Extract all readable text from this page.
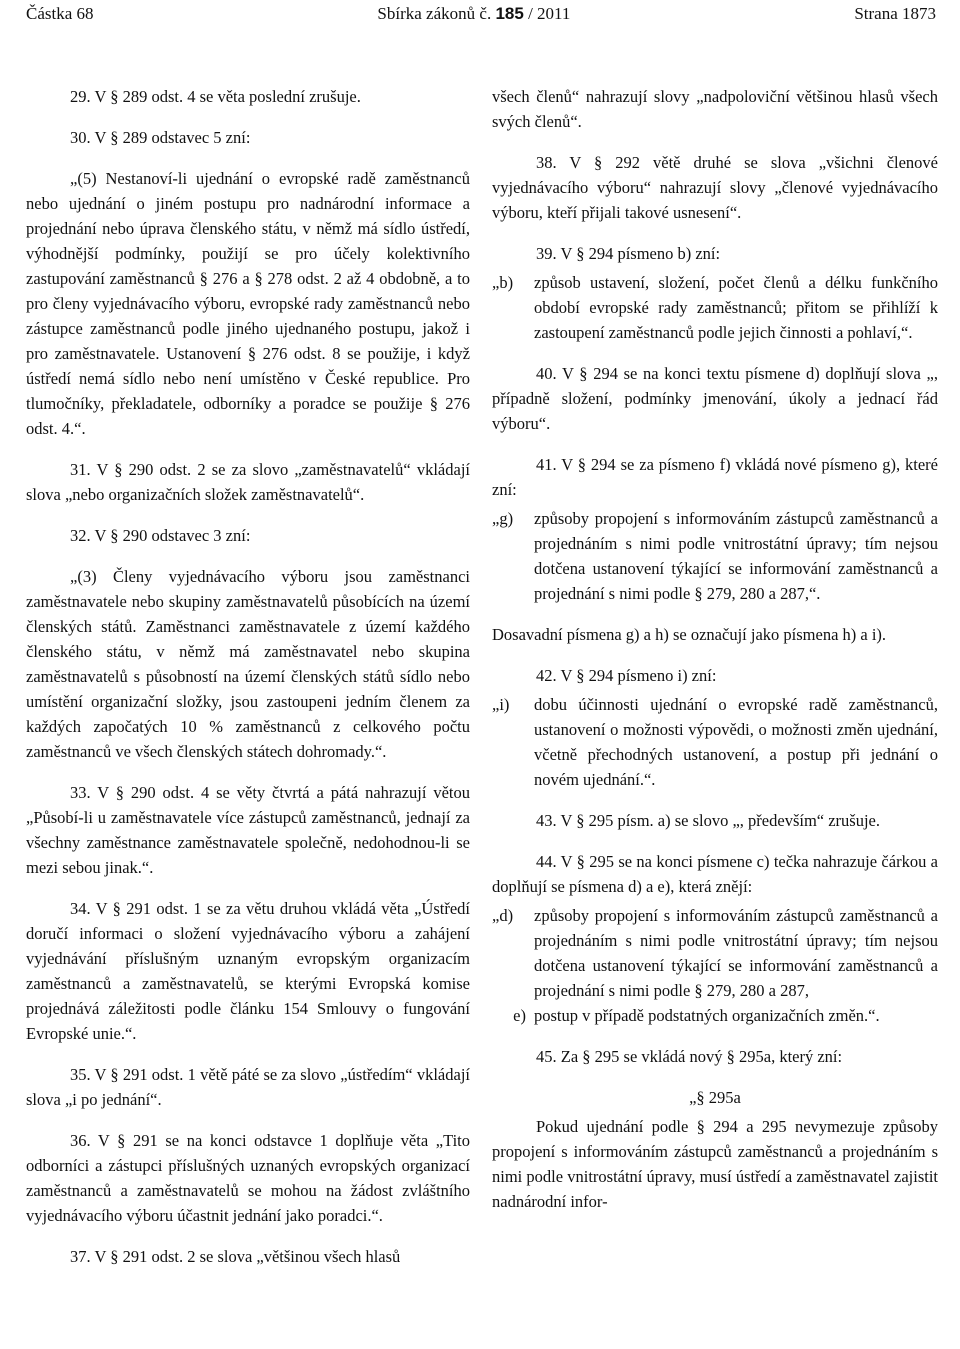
Částka 68	Sbírka zákonů č. 185 / 2011	Strana 1873

29. V § 289 odst. 4 se věta poslední zrušuje.

30. V § 289 odstavec 5 zní:

„(5) Nestanoví-li ujednání o evropské radě zaměstnanců nebo ujednání o jiném postupu pro nadnárodní informace a projednání nebo úprava členského státu, v němž má sídlo ústředí, výhodnější podmínky, použijí se pro účely kolektivního zastupování zaměstnanců § 276 a § 278 odst. 2 až 4 obdobně, a to pro členy vyjednávacího výboru, evropské rady zaměstnanců nebo zástupce zaměstnanců podle jiného ujednaného postupu, jakož i pro zaměstnavatele. Ustanovení § 276 odst. 8 se použije, i když ústředí nemá sídlo nebo není umístěno v České republice. Pro tlumočníky, překladatele, odborníky a poradce se použije § 276 odst. 4.“.

31. V § 290 odst. 2 se za slovo „zaměstnavatelů“ vkládají slova „nebo organizačních složek zaměstnavatelů“.

32. V § 290 odstavec 3 zní:

„(3) Členy vyjednávacího výboru jsou zaměstnanci zaměstnavatele nebo skupiny zaměstnavatelů působících na území členských států. Zaměstnanci zaměstnavatele z území každého členského státu, v němž má zaměstnavatel nebo skupina zaměstnavatelů s působností na území členských států sídlo nebo umístění organizační složky, jsou zastoupeni jedním členem za každých započatých 10 % zaměstnanců z celkového počtu zaměstnanců ve všech členských státech dohromady.“.

33. V § 290 odst. 4 se věty čtvrtá a pátá nahrazují větou „Působí-li u zaměstnavatele více zástupců zaměstnanců, jednají za všechny zaměstnance zaměstnavatele společně, nedohodnou-li se mezi sebou jinak.“.

34. V § 291 odst. 1 se za větu druhou vkládá věta „Ústředí doručí informaci o složení vyjednávacího výboru a zahájení vyjednávání příslušným uznaným evropským organizacím zaměstnanců a zaměstnavatelů, se kterými Evropská komise projednává záležitosti podle článku 154 Smlouvy o fungování Evropské unie.“.

35. V § 291 odst. 1 větě páté se za slovo „ústředím“ vkládají slova „i po jednání“.

36. V § 291 se na konci odstavce 1 doplňuje věta „Tito odborníci a zástupci příslušných uznaných evropských organizací zaměstnanců a zaměstnavatelů se mohou na žádost zvláštního vyjednávacího výboru účastnit jednání jako poradci.“.

37. V § 291 odst. 2 se slova „většinou všech hlasů

všech členů“ nahrazují slovy „nadpoloviční většinou hlasů všech svých členů“.

38. V § 292 větě druhé se slova „všichni členové vyjednávacího výboru“ nahrazují slovy „členové vyjednávacího výboru, kteří přijali takové usnesení“.

39. V § 294 písmeno b) zní:

„b)	způsob ustavení, složení, počet členů a délku funkčního období evropské rady zaměstnanců; přitom se přihlíží k zastoupení zaměstnanců podle jejich činnosti a pohlaví,“.

40. V § 294 se na konci textu písmene d) doplňují slova „, případně složení, podmínky jmenování, úkoly a jednací řád výboru“.

41. V § 294 se za písmeno f) vkládá nové písmeno g), které zní:

„g)	způsoby propojení s informováním zástupců zaměstnanců a projednáním s nimi podle vnitrostátní úpravy; tím nejsou dotčena ustanovení týkající se informování zaměstnanců a projednání s nimi podle § 279, 280 a 287,“.

Dosavadní písmena g) a h) se označují jako písmena h) a i).

42. V § 294 písmeno i) zní:

„i)	dobu účinnosti ujednání o evropské radě zaměstnanců, ustanovení o možnosti výpovědi, o možnosti změn ujednání, včetně přechodných ustanovení, a postup při jednání o novém ujednání.“.

43. V § 295 písm. a) se slovo „, především“ zrušuje.

44. V § 295 se na konci písmene c) tečka nahrazuje čárkou a doplňují se písmena d) a e), která znějí:

„d)	způsoby propojení s informováním zástupců zaměstnanců a projednáním s nimi podle vnitrostátní úpravy; tím nejsou dotčena ustanovení týkající se informování zaměstnanců a projednání s nimi podle § 279, 280 a 287,
e) postup v případě podstatných organizačních změn.“.

45. Za § 295 se vkládá nový § 295a, který zní:

„§ 295a

Pokud ujednání podle § 294 a 295 nevymezuje způsoby propojení s informováním zástupců zaměstnanců a projednáním s nimi podle vnitrostátní úpravy, musí ústředí a zaměstnavatel zajistit nadnárodní infor-
